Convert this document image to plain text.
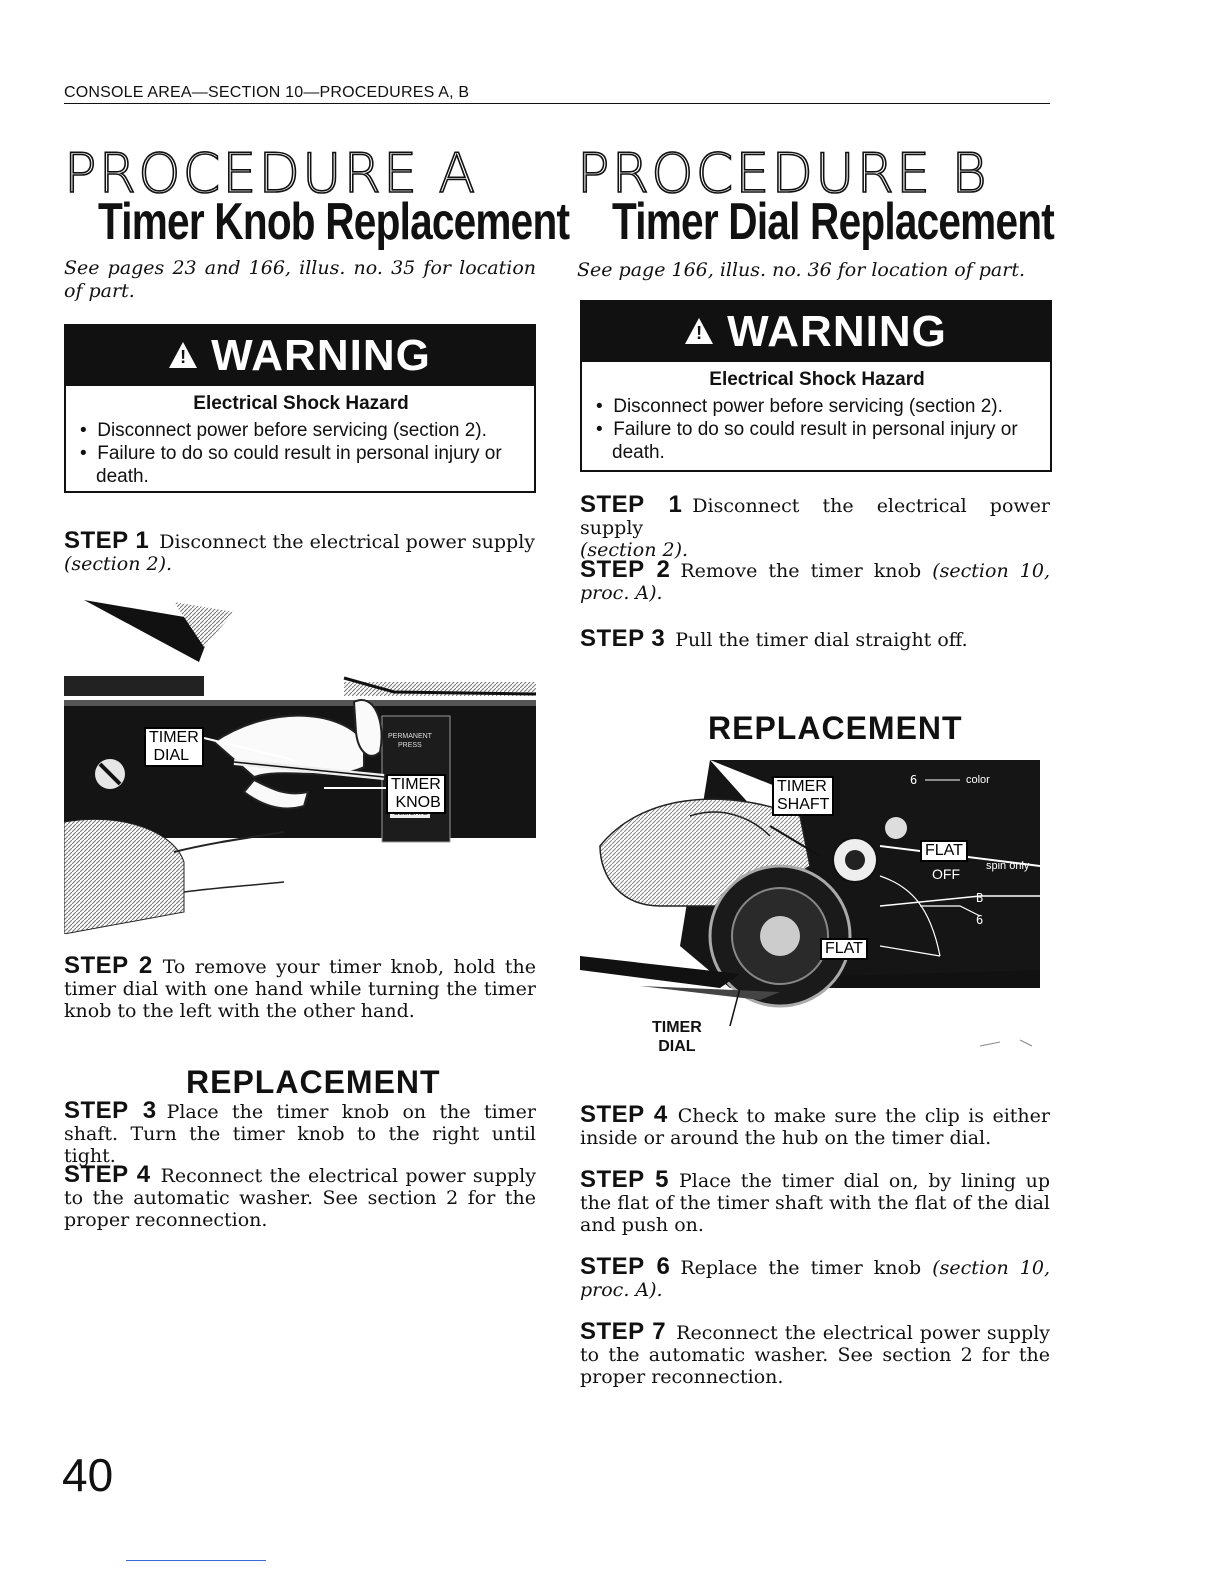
CONSOLE AREA—SECTION 10—PROCEDURES A, B
PROCEDURE A
Timer Knob Replacement
See pages 23 and 166, illus. no. 35 for location of part.
! WARNING
Electrical Shock Hazard
•  Disconnect power before servicing (section 2).
•  Failure to do so could result in personal injury or death.
STEP 1 Disconnect the electrical power supply
(section 2).
PERMANENT
PRESS
TIMER
DIAL
TIMER
KNOB
STEP 2 To remove your timer knob, hold the timer dial with one hand while turning the timer knob to the left with the other hand.
REPLACEMENT
STEP 3 Place the timer knob on the timer shaft. Turn the timer knob to the right until tight.
STEP 4 Reconnect the electrical power supply to the automatic washer. See section 2 for the proper reconnection.
PROCEDURE B
Timer Dial Replacement
See page 166, illus. no. 36 for location of part.
! WARNING
Electrical Shock Hazard
•  Disconnect power before servicing (section 2).
•  Failure to do so could result in personal injury or death.
STEP 1 Disconnect the electrical power supply
(section 2).
STEP 2 Remove the timer knob (section 10, proc. A).
STEP 3 Pull the timer dial straight off.
REPLACEMENT
B
6
6
TIMER
SHAFT
FLAT
FLAT
OFF
color
spin only
TIMER
DIAL
STEP 4 Check to make sure the clip is either inside or around the hub on the timer dial.
STEP 5 Place the timer dial on, by lining up the flat of the timer shaft with the flat of the dial and push on.
STEP 6 Replace the timer knob (section 10, proc. A).
STEP 7 Reconnect the electrical power supply to the automatic washer. See section 2 for the proper reconnection.
40
